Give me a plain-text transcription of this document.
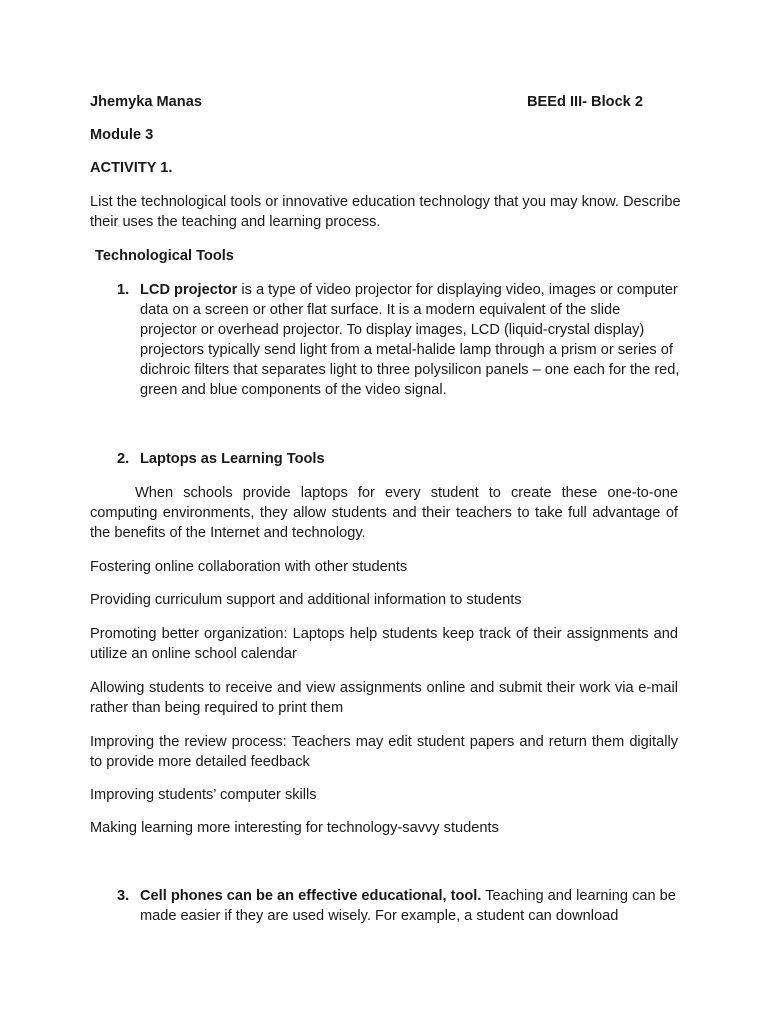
Jhemyka Manas	BEEd III- Block 2
Module 3
ACTIVITY 1.
List the technological tools or innovative education technology that you may know. Describe their uses the teaching and learning process.
Technological Tools
1. LCD projector is a type of video projector for displaying video, images or computer data on a screen or other flat surface. It is a modern equivalent of the slide projector or overhead projector. To display images, LCD (liquid-crystal display) projectors typically send light from a metal-halide lamp through a prism or series of dichroic filters that separates light to three polysilicon panels – one each for the red, green and blue components of the video signal.
2. Laptops as Learning Tools
When schools provide laptops for every student to create these one-to-one computing environments, they allow students and their teachers to take full advantage of the benefits of the Internet and technology.
Fostering online collaboration with other students
Providing curriculum support and additional information to students
Promoting better organization: Laptops help students keep track of their assignments and utilize an online school calendar
Allowing students to receive and view assignments online and submit their work via e-mail rather than being required to print them
Improving the review process: Teachers may edit student papers and return them digitally to provide more detailed feedback
Improving students’ computer skills
Making learning more interesting for technology-savvy students
3. Cell phones can be an effective educational, tool. Teaching and learning can be made easier if they are used wisely. For example, a student can download
